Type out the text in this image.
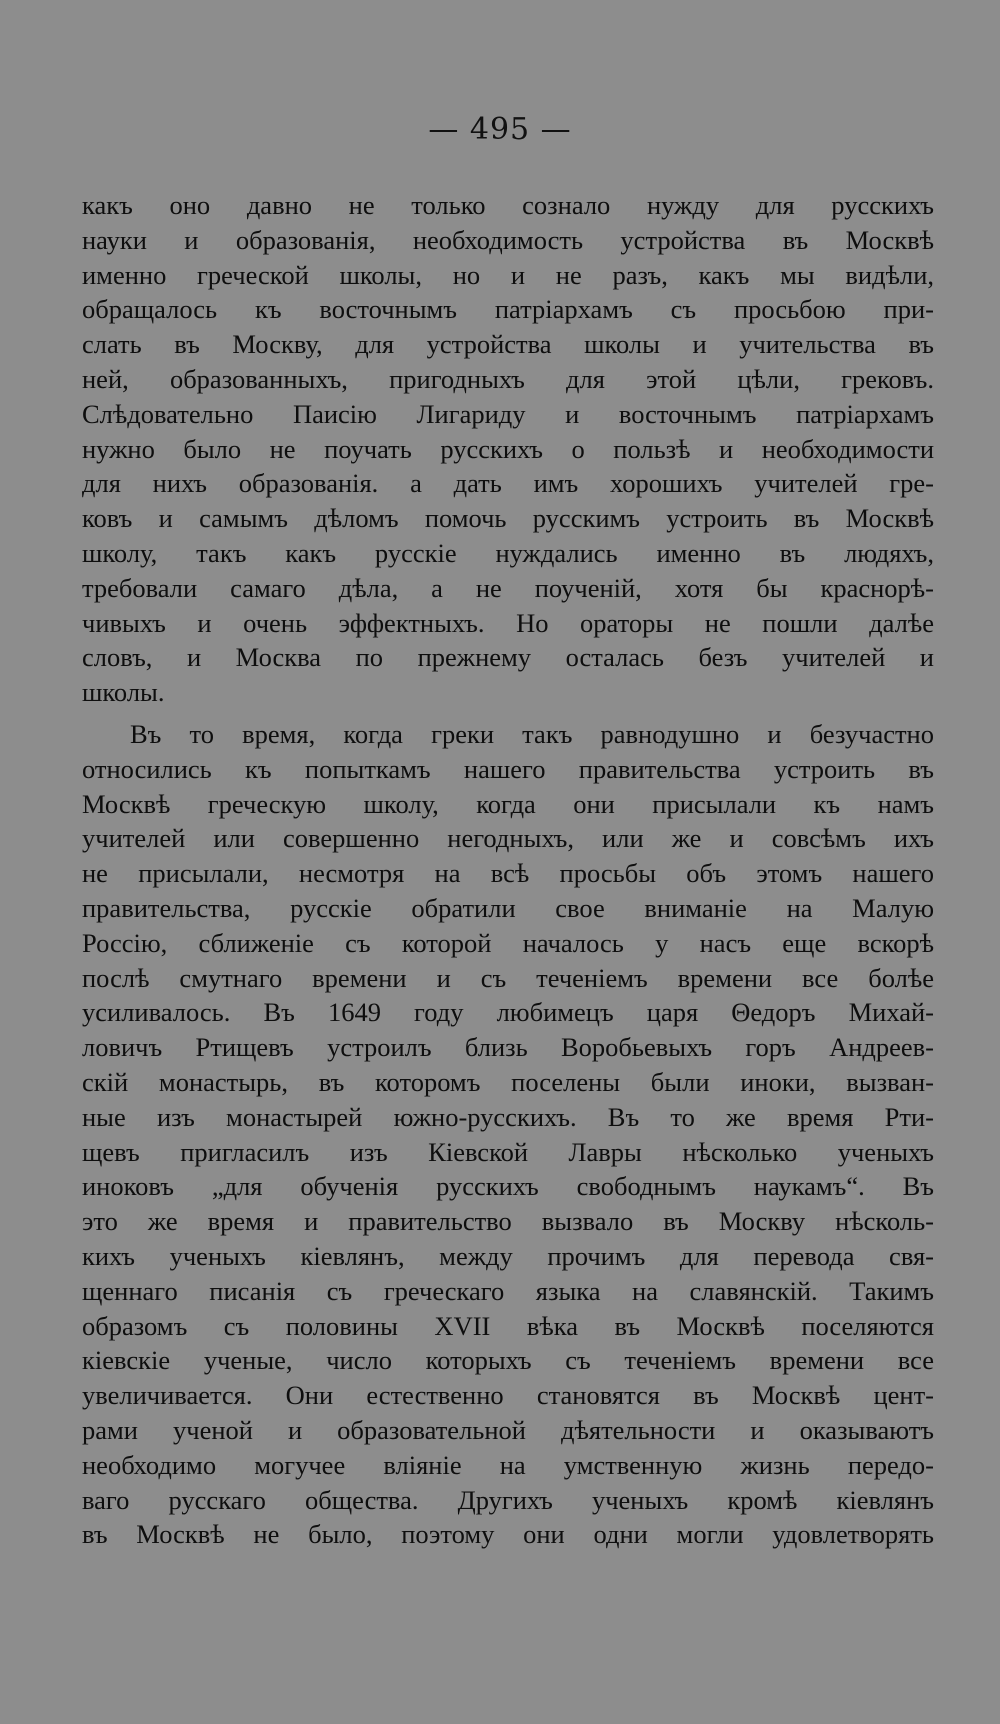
— 495 —
какъ оно давно не только сознало нужду для русскихъ
науки и образованія, необходимость устройства въ Москвѣ
именно греческой школы, но и не разъ, какъ мы видѣли,
обращалось къ восточнымъ патріархамъ съ просьбою при-
слать въ Москву, для устройства школы и учительства въ
ней, образованныхъ, пригодныхъ для этой цѣли, грековъ.
Слѣдовательно Паисію Лигариду и восточнымъ патріархамъ
нужно было не поучать русскихъ о пользѣ и необходимости
для нихъ образованія. а дать имъ хорошихъ учителей гре-
ковъ и самымъ дѣломъ помочь русскимъ устроить въ Москвѣ
школу, такъ какъ русскіе нуждались именно въ людяхъ,
требовали самаго дѣла, а не поученій, хотя бы краснорѣ-
чивыхъ и очень эффектныхъ. Но ораторы не пошли далѣе
словъ, и Москва по прежнему осталась безъ учителей и
школы.
Въ то время, когда греки такъ равнодушно и безучастно
относились къ попыткамъ нашего правительства устроить въ
Москвѣ греческую школу, когда они присылали къ намъ
учителей или совершенно негодныхъ, или же и совсѣмъ ихъ
не присылали, несмотря на всѣ просьбы объ этомъ нашего
правительства, русскіе обратили свое вниманіе на Малую
Россію, сближеніе съ которой началось у насъ еще вскорѣ
послѣ смутнаго времени и съ теченіемъ времени все болѣе
усиливалось. Въ 1649 году любимецъ царя Θедоръ Михай-
ловичъ Ртищевъ устроилъ близь Воробьевыхъ горъ Андреев-
скій монастырь, въ которомъ поселены были иноки, вызван-
ные изъ монастырей южно-русскихъ. Въ то же время Рти-
щевъ пригласилъ изъ Кіевской Лавры нѣсколько ученыхъ
иноковъ „для обученія русскихъ свободнымъ наукамъ“. Въ
это же время и правительство вызвало въ Москву нѣсколь-
кихъ ученыхъ кіевлянъ, между прочимъ для перевода свя-
щеннаго писанія съ греческаго языка на славянскій. Такимъ
образомъ съ половины XVII вѣка въ Москвѣ поселяются
кіевскіе ученые, число которыхъ съ теченіемъ времени все
увеличивается. Они естественно становятся въ Москвѣ цент-
рами ученой и образовательной дѣятельности и оказываютъ
необходимо могучее вліяніе на умственную жизнь передо-
ваго русскаго общества. Другихъ ученыхъ кромѣ кіевлянъ
въ Москвѣ не было, поэтому они одни могли удовлетворять
